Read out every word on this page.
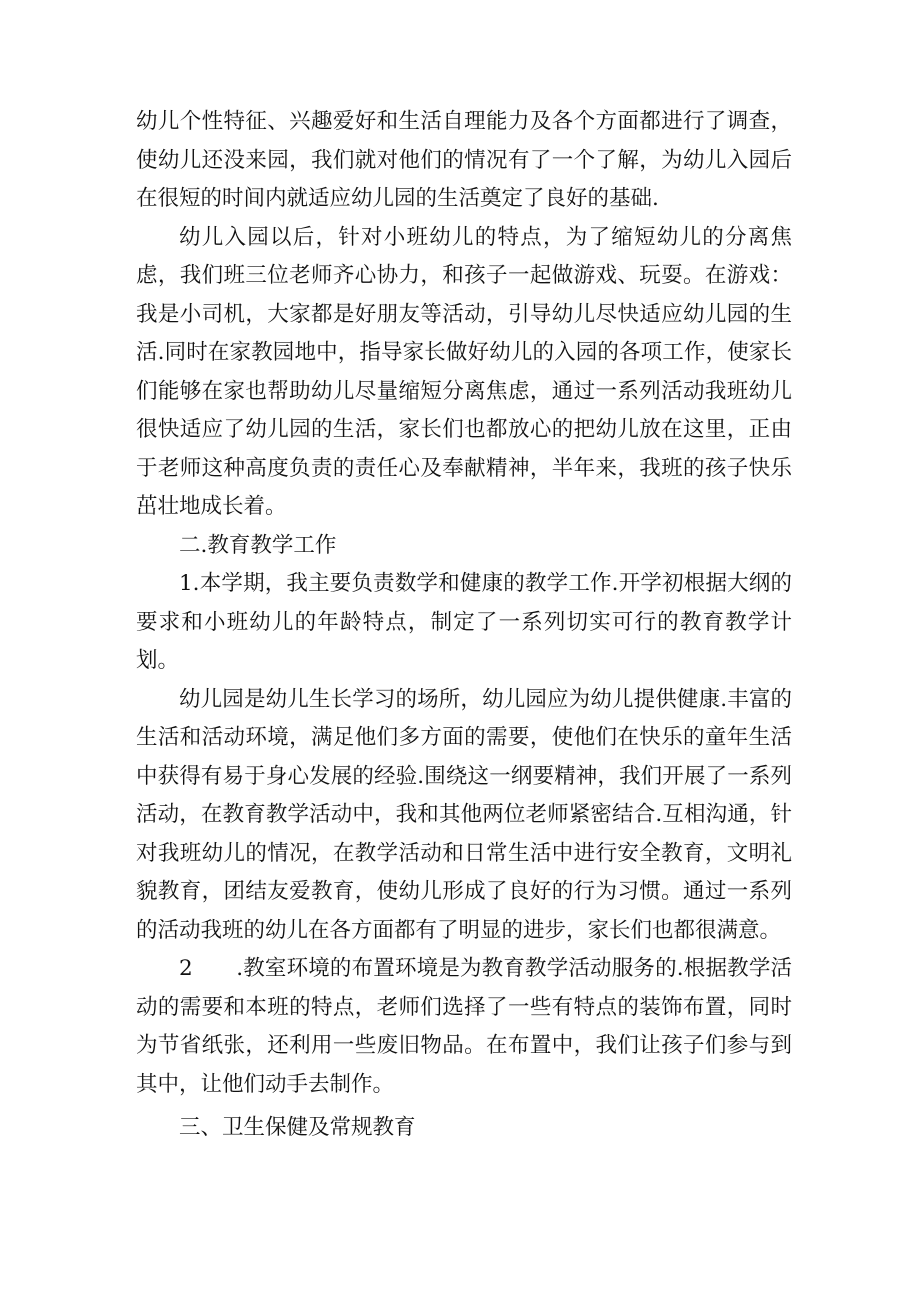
幼儿个性特征、兴趣爱好和生活自理能力及各个方面都进行了调查，使幼儿还没来园，我们就对他们的情况有了一个了解，为幼儿入园后在很短的时间内就适应幼儿园的生活奠定了良好的基础.

幼儿入园以后，针对小班幼儿的特点，为了缩短幼儿的分离焦虑，我们班三位老师齐心协力，和孩子一起做游戏、玩耍。在游戏：我是小司机，大家都是好朋友等活动，引导幼儿尽快适应幼儿园的生活.同时在家教园地中，指导家长做好幼儿的入园的各项工作，使家长们能够在家也帮助幼儿尽量缩短分离焦虑，通过一系列活动我班幼儿很快适应了幼儿园的生活，家长们也都放心的把幼儿放在这里，正由于老师这种高度负责的责任心及奉献精神，半年来，我班的孩子快乐茁壮地成长着。

二.教育教学工作

1.本学期，我主要负责数学和健康的教学工作.开学初根据大纲的要求和小班幼儿的年龄特点，制定了一系列切实可行的教育教学计划。

幼儿园是幼儿生长学习的场所，幼儿园应为幼儿提供健康.丰富的生活和活动环境，满足他们多方面的需要，使他们在快乐的童年生活中获得有易于身心发展的经验.围绕这一纲要精神，我们开展了一系列活动，在教育教学活动中，我和其他两位老师紧密结合.互相沟通，针对我班幼儿的情况，在教学活动和日常生活中进行安全教育，文明礼貌教育，团结友爱教育，使幼儿形成了良好的行为习惯。通过一系列的活动我班的幼儿在各方面都有了明显的进步，家长们也都很满意。

2　　.教室环境的布置环境是为教育教学活动服务的.根据教学活动的需要和本班的特点，老师们选择了一些有特点的装饰布置，同时为节省纸张，还利用一些废旧物品。在布置中，我们让孩子们参与到其中，让他们动手去制作。

三、卫生保健及常规教育
